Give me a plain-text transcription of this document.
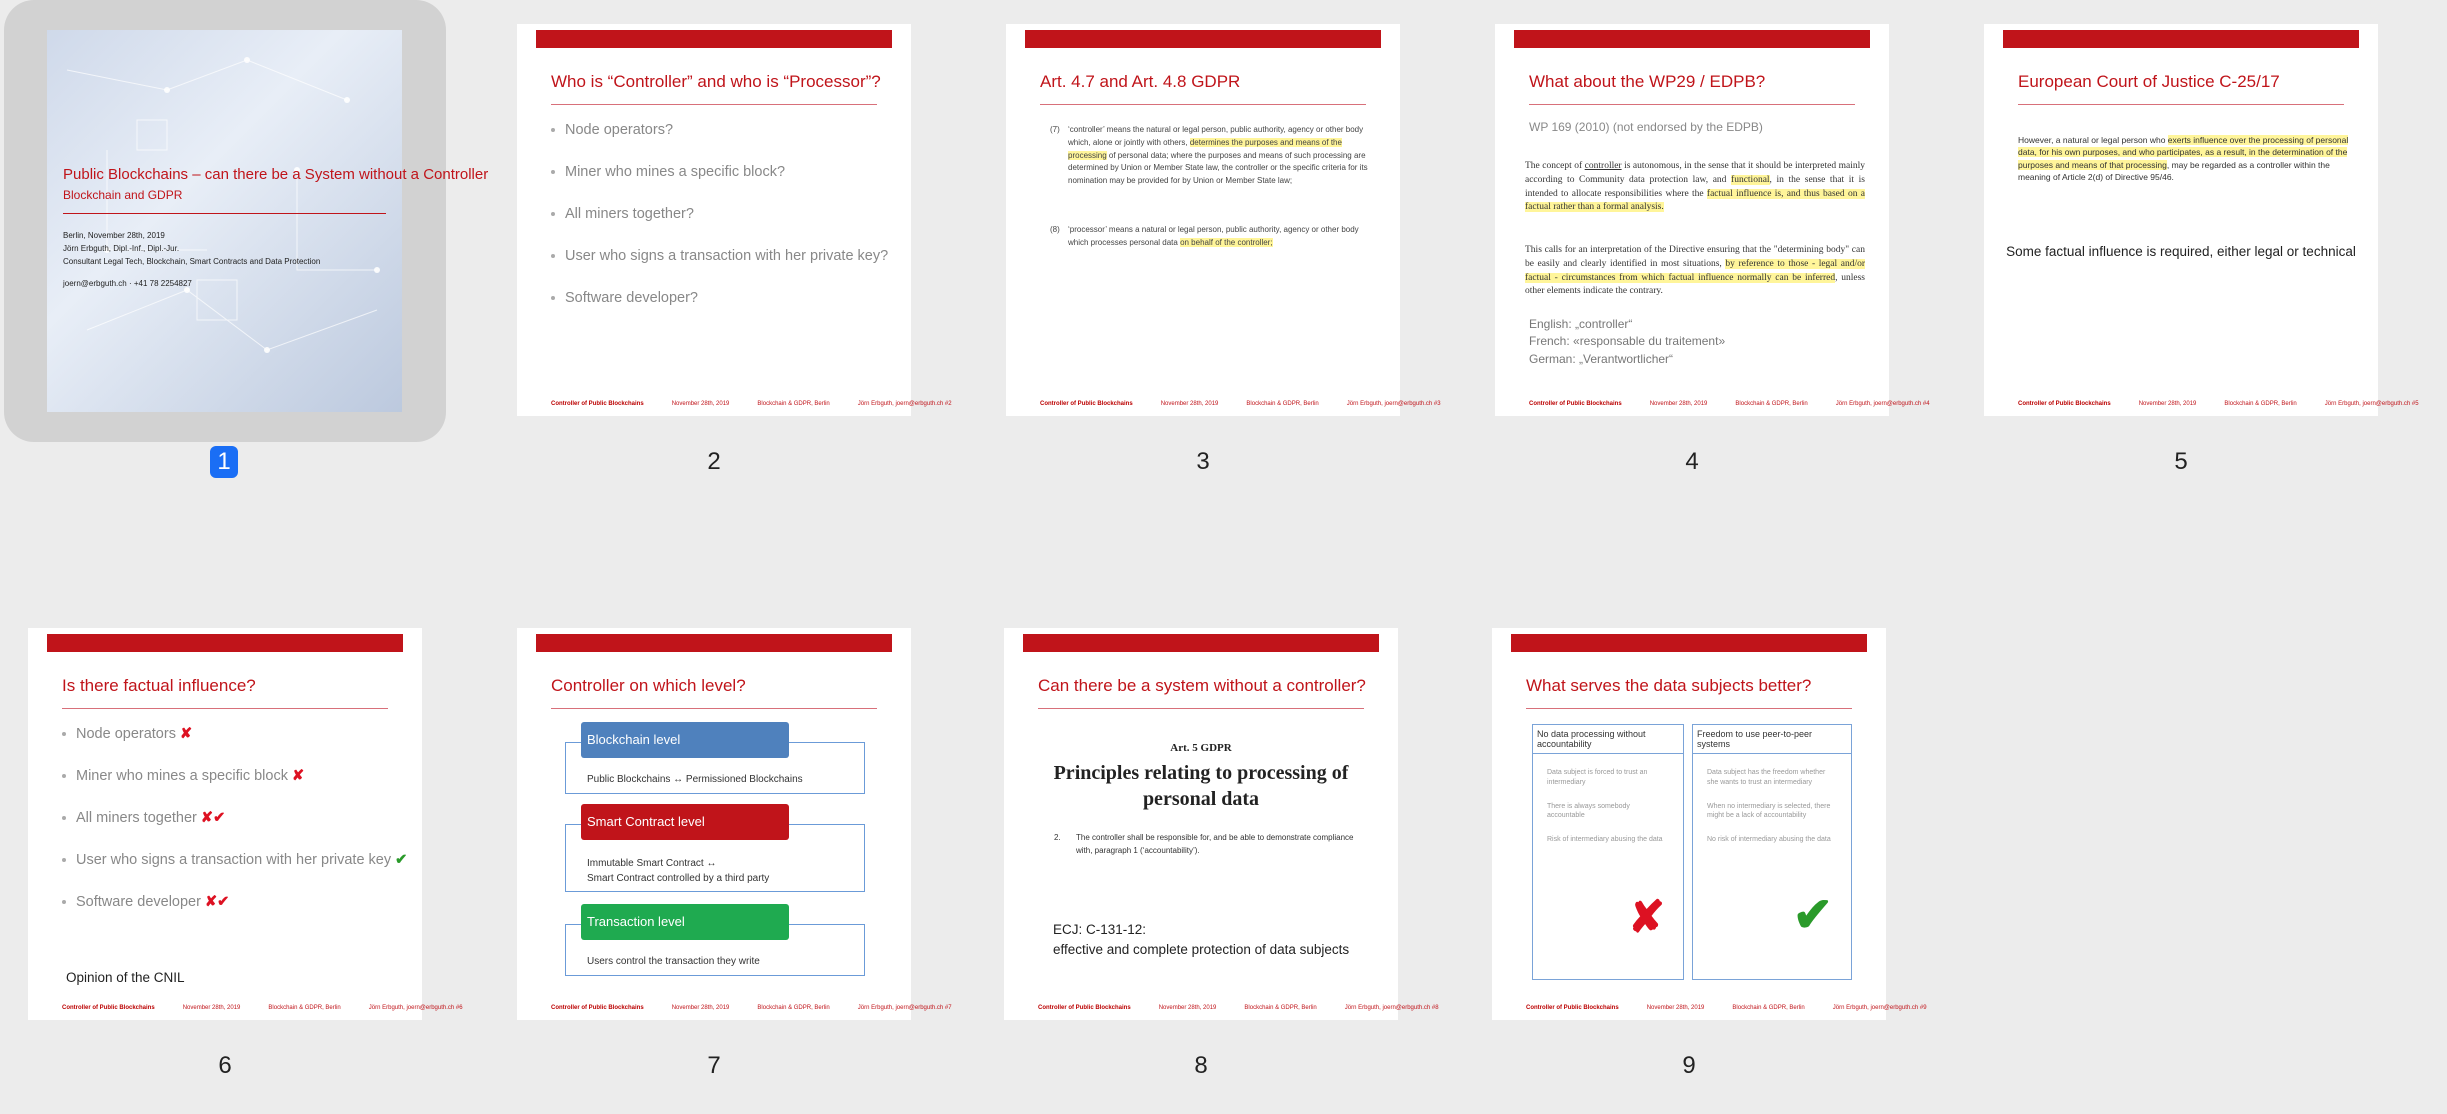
Public Blockchains – can there be a System without a Controller
Blockchain and GDPR
Berlin, November 28th, 2019
Jörn Erbguth, Dipl.-Inf., Dipl.-Jur.
Consultant Legal Tech, Blockchain, Smart Contracts and Data Protection
joern@erbguth.ch · +41 78 2254827
1
Who is “Controller” and who is “Processor”?
Node operators?
Miner who mines a specific block?
All miners together?
User who signs a transaction with her private key?
Software developer?
Controller of Public Blockchains	November 28th, 2019	Blockchain & GDPR, Berlin	Jörn Erbguth, joern@erbguth.ch #2
2
Art. 4.7 and Art. 4.8 GDPR
(7) ‘controller’ means the natural or legal person, public authority, agency or other body which, alone or jointly with others, determines the purposes and means of the processing of personal data; where the purposes and means of such processing are determined by Union or Member State law, the controller or the specific criteria for its nomination may be provided for by Union or Member State law;
(8) ‘processor’ means a natural or legal person, public authority, agency or other body which processes personal data on behalf of the controller;
Controller of Public Blockchains	November 28th, 2019	Blockchain & GDPR, Berlin	Jörn Erbguth, joern@erbguth.ch #3
3
What about the WP29 / EDPB?
WP 169 (2010) (not endorsed by the EDPB)
The concept of controller is autonomous, in the sense that it should be interpreted mainly according to Community data protection law, and functional, in the sense that it is intended to allocate responsibilities where the factual influence is, and thus based on a factual rather than a formal analysis.
This calls for an interpretation of the Directive ensuring that the "determining body" can be easily and clearly identified in most situations, by reference to those - legal and/or factual - circumstances from which factual influence normally can be inferred, unless other elements indicate the contrary.
English: „controller“
French: «responsable du traitement»
German: „Verantwortlicher“
Controller of Public Blockchains	November 28th, 2019	Blockchain & GDPR, Berlin	Jörn Erbguth, joern@erbguth.ch #4
4
European Court of Justice C-25/17
However, a natural or legal person who exerts influence over the processing of personal data, for his own purposes, and who participates, as a result, in the determination of the purposes and means of that processing, may be regarded as a controller within the meaning of Article 2(d) of Directive 95/46.
Some factual influence is required, either legal or technical
Controller of Public Blockchains	November 28th, 2019	Blockchain & GDPR, Berlin	Jörn Erbguth, joern@erbguth.ch #5
5
Is there factual influence?
Node operators ✘
Miner who mines a specific block ✘
All miners together ✘✔
User who signs a transaction with her private key ✔
Software developer ✘✔
Opinion of the CNIL
Controller of Public Blockchains	November 28th, 2019	Blockchain & GDPR, Berlin	Jörn Erbguth, joern@erbguth.ch #6
6
Controller on which level?
Blockchain level
Public Blockchains ↔ Permissioned Blockchains
Smart Contract level
Immutable Smart Contract ↔
Smart Contract controlled by a third party
Transaction level
Users control the transaction they write
Controller of Public Blockchains	November 28th, 2019	Blockchain & GDPR, Berlin	Jörn Erbguth, joern@erbguth.ch #7
7
Can there be a system without a controller?
Art. 5 GDPR
Principles relating to processing of personal data
2. The controller shall be responsible for, and be able to demonstrate compliance with, paragraph 1 (‘accountability’).
ECJ: C-131-12:
effective and complete protection of data subjects
Controller of Public Blockchains	November 28th, 2019	Blockchain & GDPR, Berlin	Jörn Erbguth, joern@erbguth.ch #8
8
What serves the data subjects better?
No data processing without accountability
Data subject is forced to trust an intermediary
There is always somebody accountable
Risk of intermediary abusing the data
✘
Freedom to use peer-to-peer systems
Data subject has the freedom whether she wants to trust an intermediary
When no intermediary is selected, there might be a lack of accountability
No risk of intermediary abusing the data
✔
Controller of Public Blockchains	November 28th, 2019	Blockchain & GDPR, Berlin	Jörn Erbguth, joern@erbguth.ch #9
9
